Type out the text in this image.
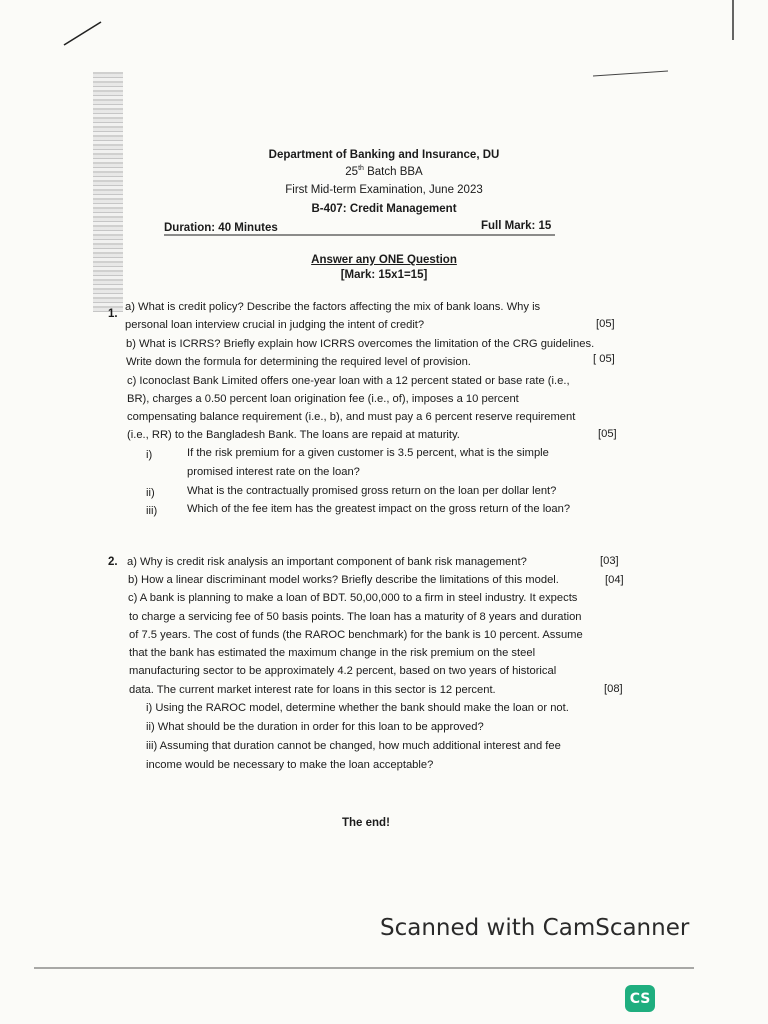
Department of Banking and Insurance, DU
25th Batch BBA
First Mid-term Examination, June 2023
B-407: Credit Management
Duration: 40 Minutes	Full Mark: 15
Answer any ONE Question
[Mark: 15x1=15]
1.
a) What is credit policy? Describe the factors affecting the mix of bank loans. Why is
personal loan interview crucial in judging the intent of credit?
b) What is ICRRS? Briefly explain how ICRRS overcomes the limitation of the CRG guidelines.
Write down the formula for determining the required level of provision.
c) Iconoclast Bank Limited offers one-year loan with a 12 percent stated or base rate (i.e.,
BR), charges a 0.50 percent loan origination fee (i.e., of), imposes a 10 percent
compensating balance requirement (i.e., b), and must pay a 6 percent reserve requirement
(i.e., RR) to the Bangladesh Bank. The loans are repaid at maturity.
[05]
[ 05]
[05]
i)	If the risk premium for a given customer is 3.5 percent, what is the simple
promised interest rate on the loan?
ii)	What is the contractually promised gross return on the loan per dollar lent?
iii)	Which of the fee item has the greatest impact on the gross return of the loan?
2. a) Why is credit risk analysis an important component of bank risk management?
b) How a linear discriminant model works? Briefly describe the limitations of this model.
c) A bank is planning to make a loan of BDT. 50,00,000 to a firm in steel industry. It expects
to charge a servicing fee of 50 basis points. The loan has a maturity of 8 years and duration
of 7.5 years. The cost of funds (the RAROC benchmark) for the bank is 10 percent. Assume
that the bank has estimated the maximum change in the risk premium on the steel
manufacturing sector to be approximately 4.2 percent, based on two years of historical
data. The current market interest rate for loans in this sector is 12 percent.
[03]
[04]
[08]
i) Using the RAROC model, determine whether the bank should make the loan or not.
ii) What should be the duration in order for this loan to be approved?
iii) Assuming that duration cannot be changed, how much additional interest and fee
income would be necessary to make the loan acceptable?
The end!
Scanned with CamScanner
CS
